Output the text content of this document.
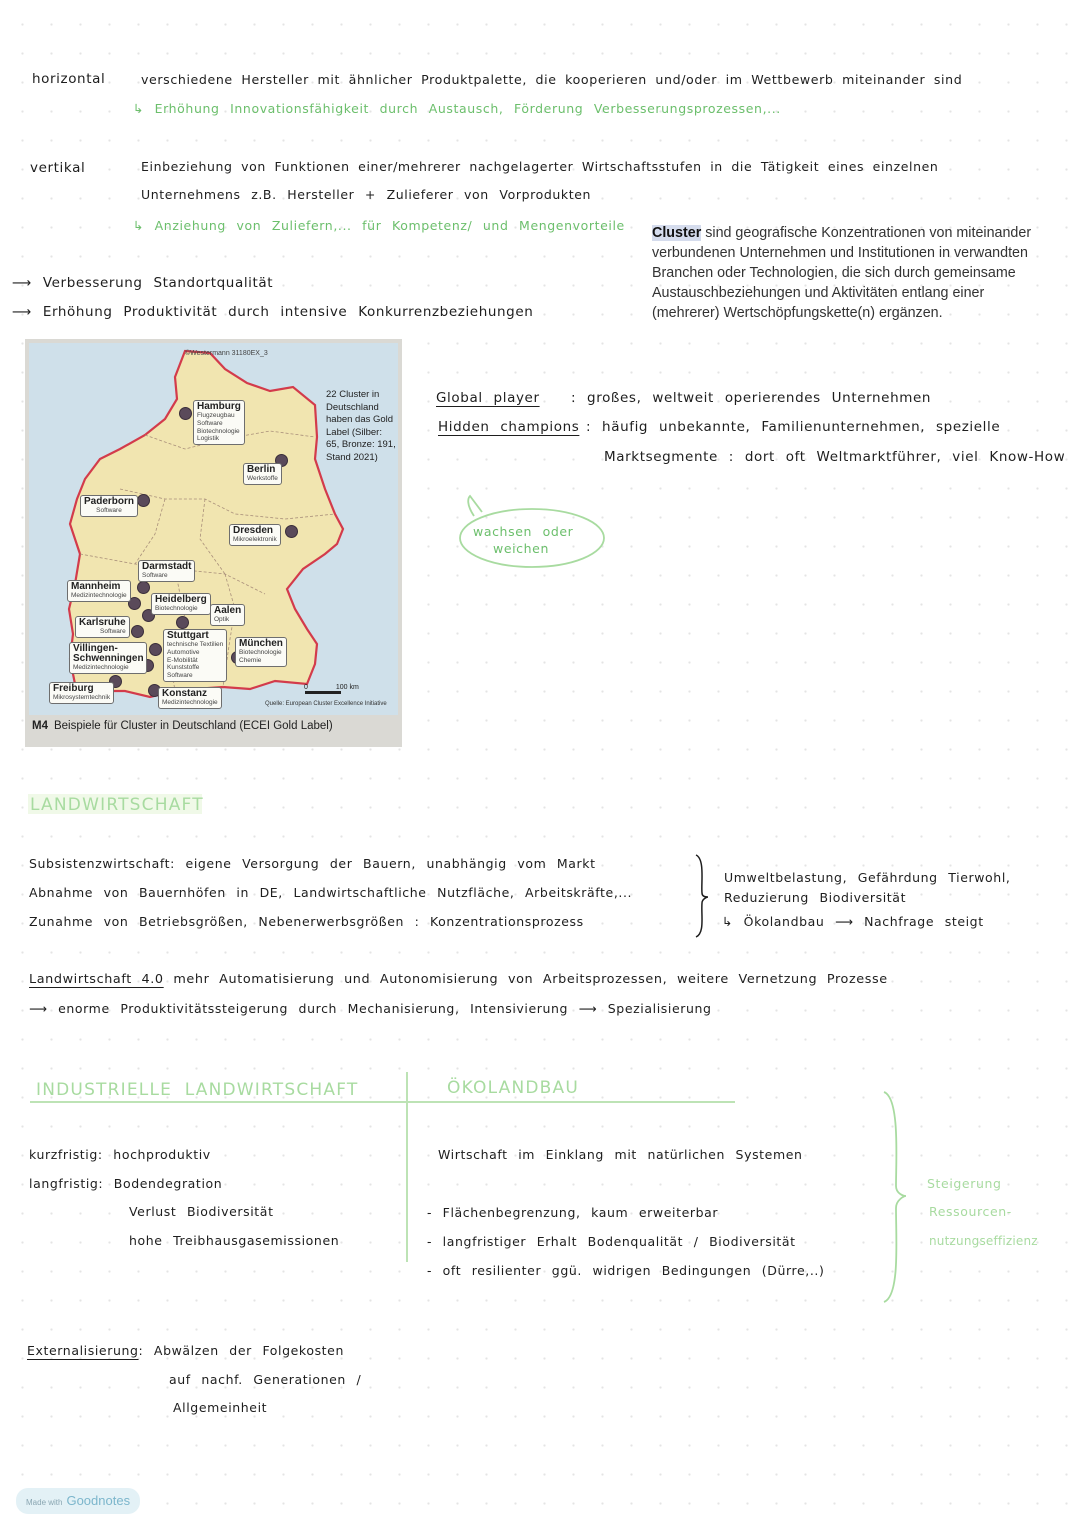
horizontal	verschiedene Hersteller mit ähnlicher Produktpalette, die kooperieren und/oder im Wettbewerb miteinander sind
↳ Erhöhung Innovationsfähigkeit durch Austausch, Förderung Verbesserungsprozessen,...
vertikal	Einbeziehung von Funktionen einer/mehrerer nachgelagerter Wirtschaftsstufen in die Tätigkeit eines einzelnen
Unternehmens z.B. Hersteller + Zulieferer von Vorprodukten
↳ Anziehung von Zuliefern,... für Kompetenz/ und Mengenvorteile
⟶ Verbesserung Standortqualität
⟶ Erhöhung Produktivität durch intensive Konkurrenzbeziehungen
Cluster sind geografische Konzentrationen von miteinander verbundenen Unternehmen und Institutionen in verwandten Branchen oder Technologien, die sich durch gemeinsame Austauschbeziehungen und Aktivitäten entlang einer (mehrerer) Wertschöpfungskette(n) ergänzen.
©Westermann 31180EX_3
22 Cluster in Deutschland haben das Gold Label (Silber: 65, Bronze: 191, Stand 2021)
Hamburg
Flugzeugbau
Software
Biotechnologie
Logistik
Berlin
Werkstoffe
Paderborn
Software
Dresden
Mikroelektronik
Darmstadt
Software
Mannheim
Medizintechnologie	Heidelberg
Biotechnologie	Aalen
Optik
Karlsruhe
Software	Stuttgart
technische Textilien
Automotive
E-Mobilität
Kunststoffe
Software
Villingen-Schwenningen
Medizintechnologie
München
Biotechnologie
Chemie
Freiburg
Mikrosystemtechnik	Konstanz
Medizintechnologie
0	100 km
Quelle: European Cluster Excellence Initiative
M4 Beispiele für Cluster in Deutschland (ECEI Gold Label)
Global player : großes, weltweit operierendes Unternehmen
Hidden champions : häufig unbekannte, Familienunternehmen, spezielle
Marktsegmente : dort oft Weltmarktführer, viel Know-How
wachsen oder
weichen
LANDWIRTSCHAFT
Subsistenzwirtschaft: eigene Versorgung der Bauern, unabhängig vom Markt
Abnahme von Bauernhöfen in DE, Landwirtschaftliche Nutzfläche, Arbeitskräfte,...
Zunahme von Betriebsgrößen, Nebenerwerbsgrößen : Konzentrationsprozess
Umweltbelastung, Gefährdung Tierwohl,
Reduzierung Biodiversität
↳ Ökolandbau ⟶ Nachfrage steigt
Landwirtschaft 4.0 mehr Automatisierung und Autonomisierung von Arbeitsprozessen, weitere Vernetzung Prozesse
⟶ enorme Produktivitätssteigerung durch Mechanisierung, Intensivierung ⟶ Spezialisierung
INDUSTRIELLE LANDWIRTSCHAFT	ÖKOLANDBAU
kurzfristig: hochproduktiv
langfristig: Bodendegration
Verlust Biodiversität
hohe Treibhausgasemissionen
Wirtschaft im Einklang mit natürlichen Systemen
- Flächenbegrenzung, kaum erweiterbar
- langfristiger Erhalt Bodenqualität / Biodiversität
- oft resilienter ggü. widrigen Bedingungen (Dürre,..)
Steigerung
Ressourcen-
nutzungseffizienz
Externalisierung: Abwälzen der Folgekosten
auf nachf. Generationen /
Allgemeinheit
Made with Goodnotes
